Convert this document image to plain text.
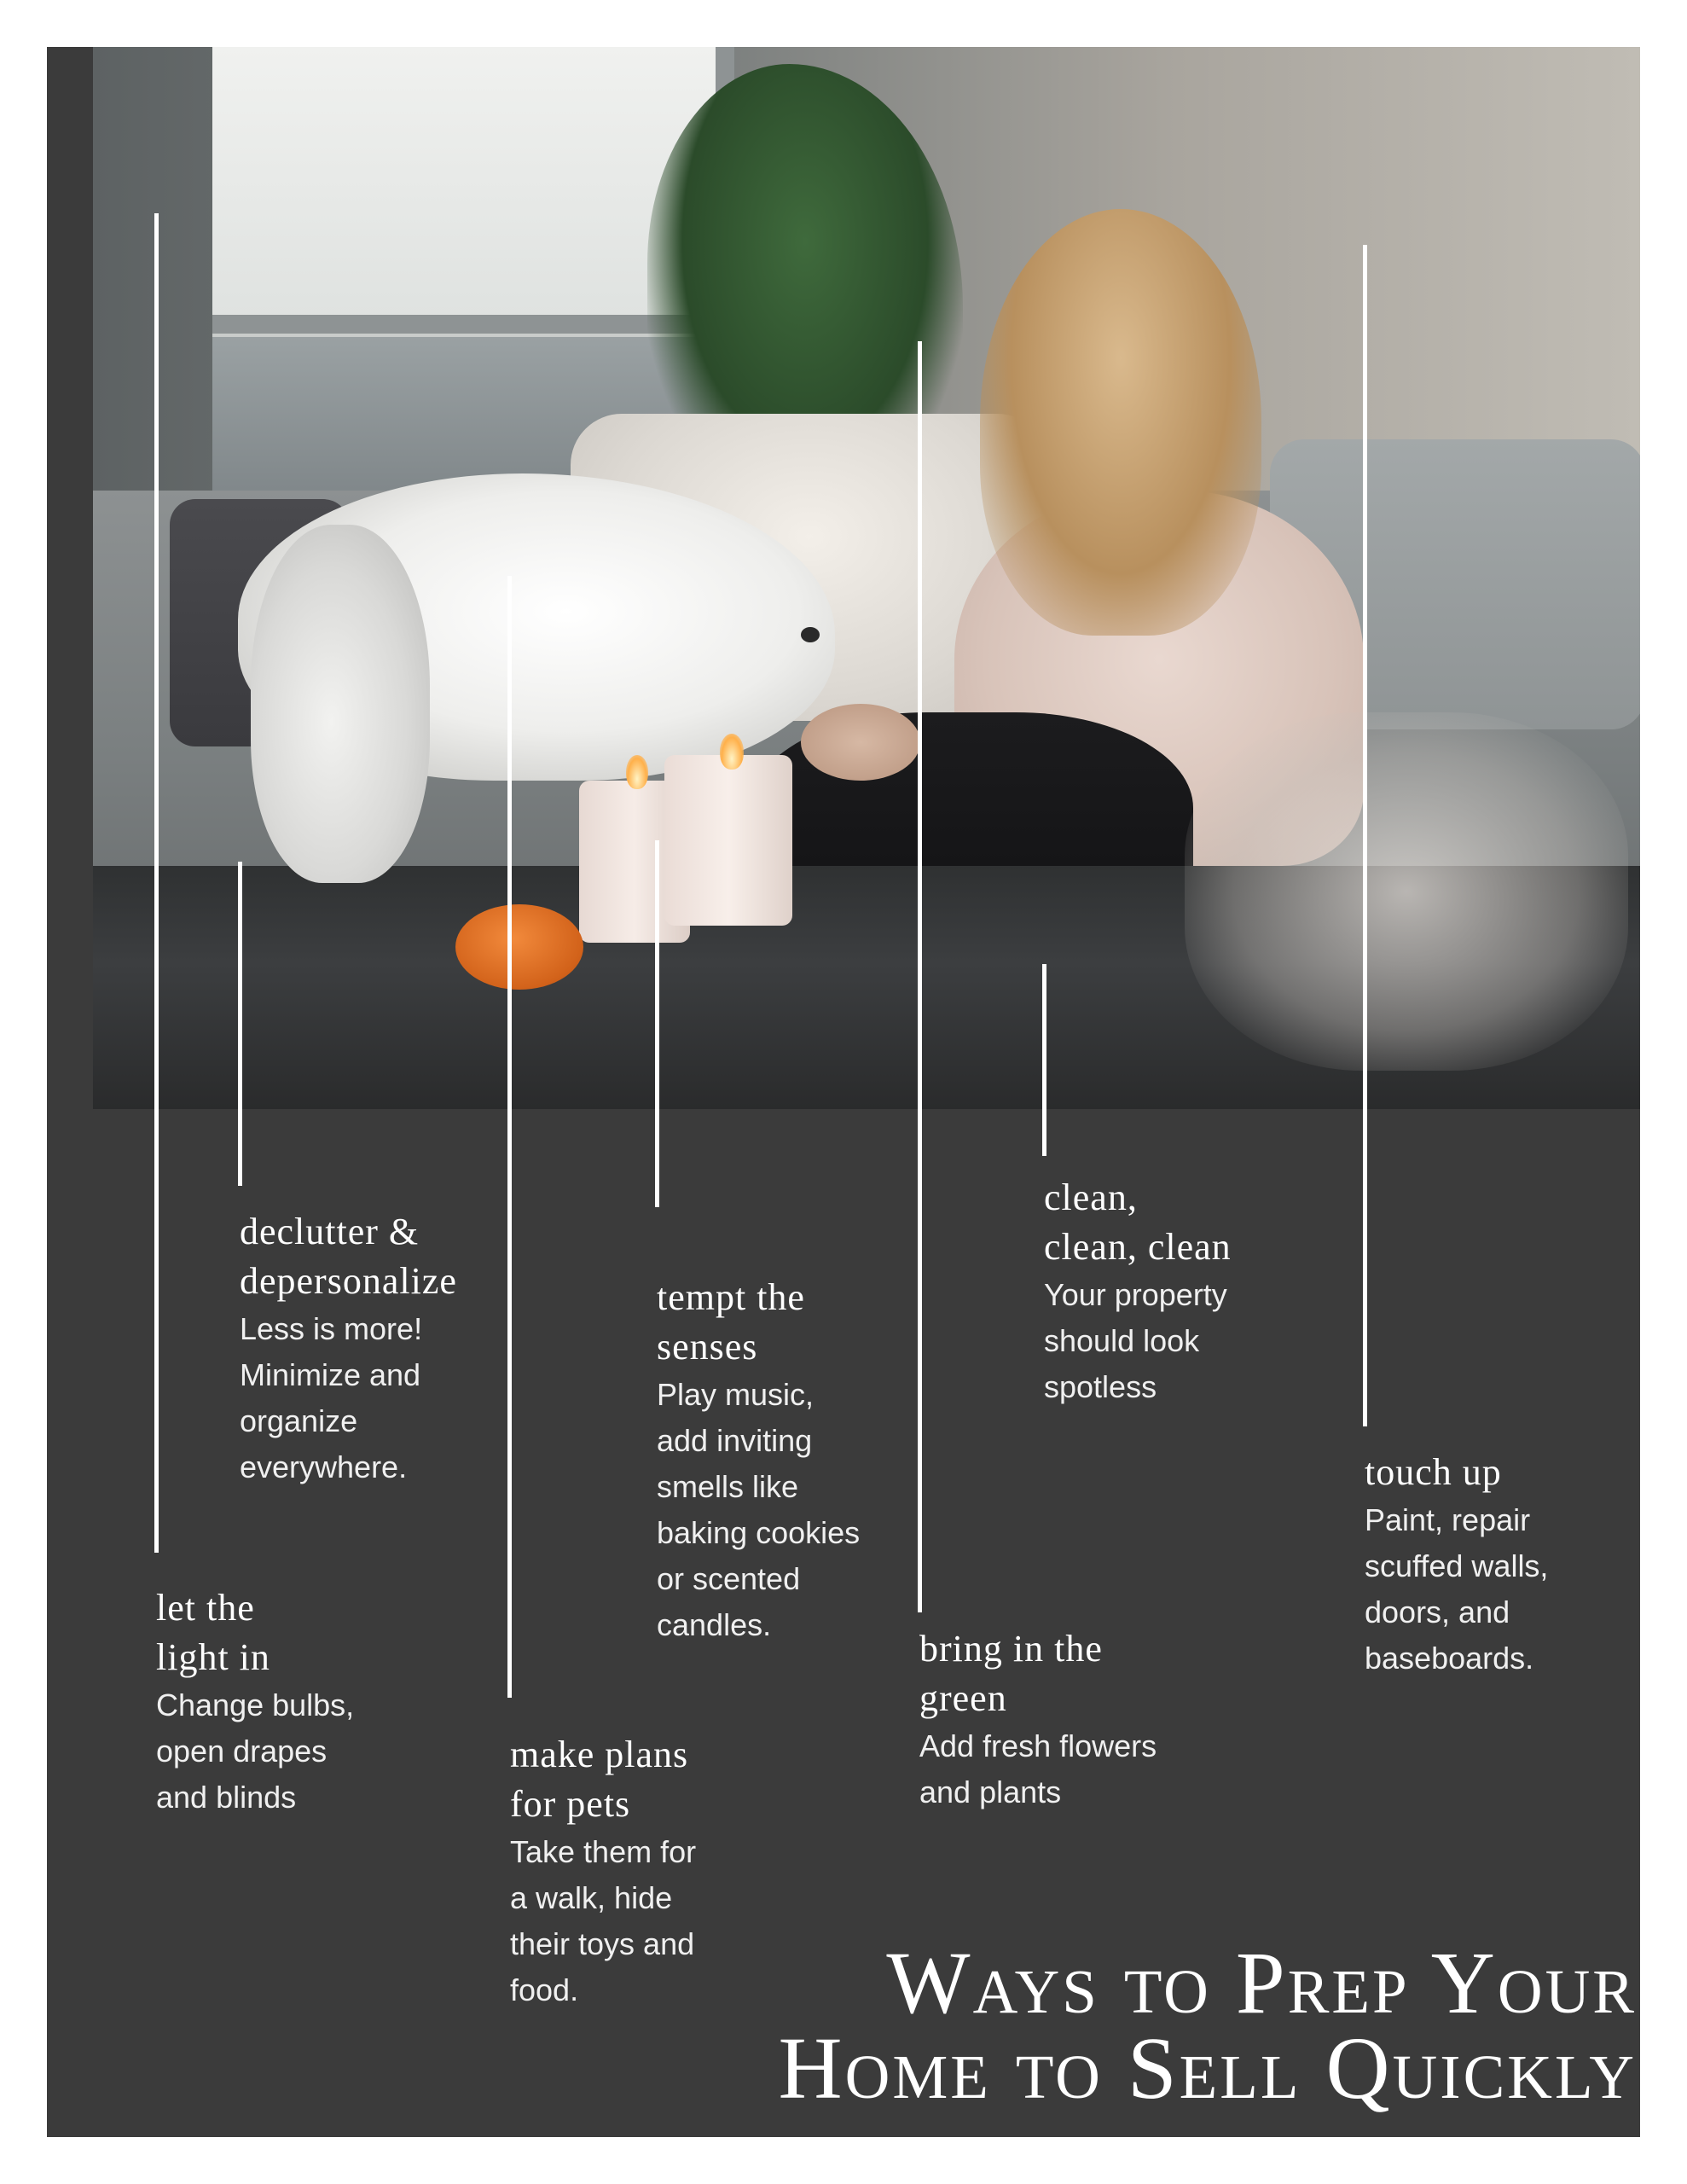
let the
light in

Change bulbs,
open drapes
and blinds

declutter &
depersonalize

Less is more!
Minimize and
organize
everywhere.

make plans
for pets

Take them for
a walk, hide
their toys and
food.

tempt the
senses

Play music,
add inviting
smells like
baking cookies
or scented
candles.

bring in the
green

Add fresh flowers
and plants

clean,
clean, clean

Your property
should look
spotless

touch up

Paint, repair
scuffed walls,
doors, and
baseboards.

Ways to Prep Your
Home to Sell Quickly
